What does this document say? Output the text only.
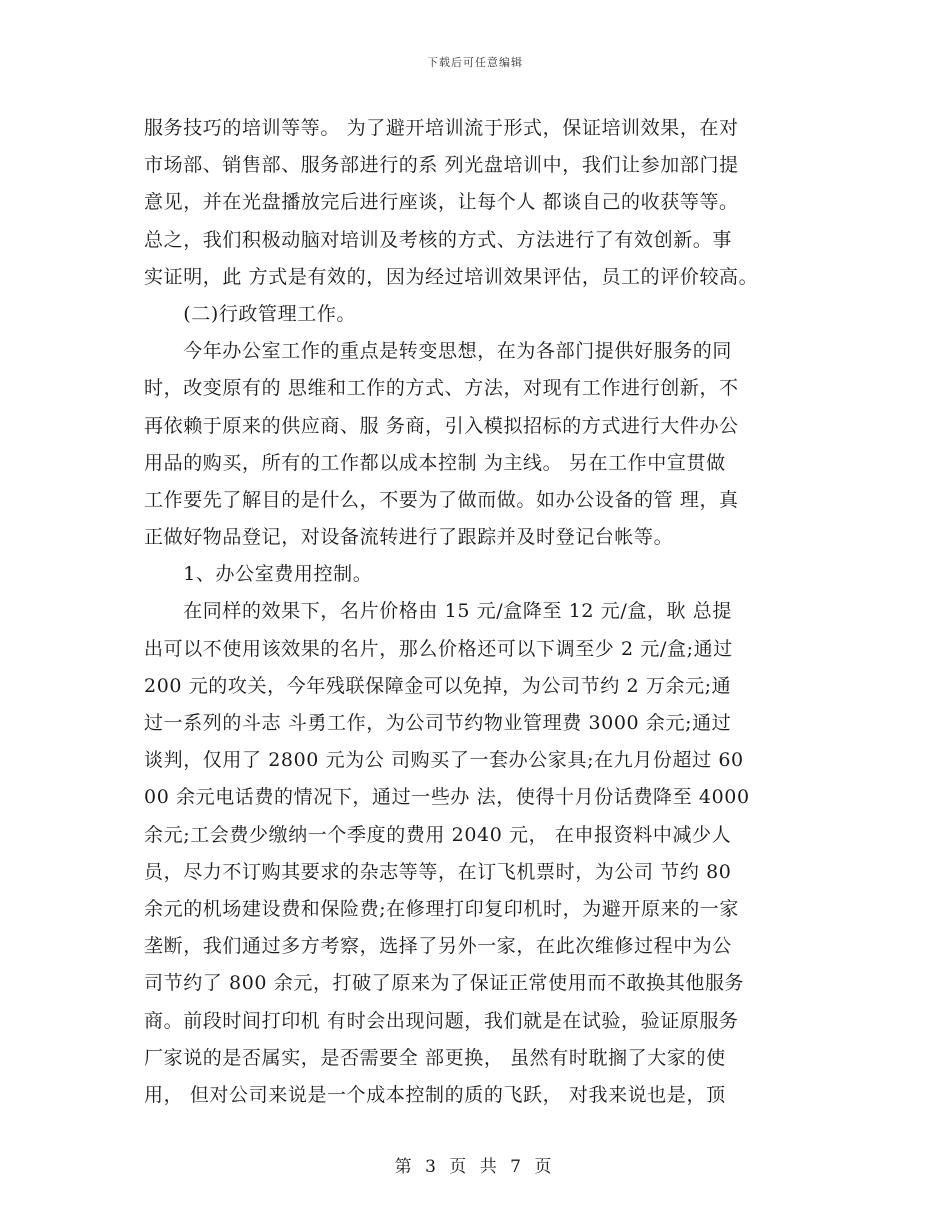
下载后可任意编辑
服务技巧的培训等等。 为了避开培训流于形式，保证培训效果，在对
市场部、销售部、服务部进行的系 列光盘培训中，我们让参加部门提
意见，并在光盘播放完后进行座谈，让每个人 都谈自己的收获等等。
总之，我们积极动脑对培训及考核的方式、方法进行了有效创新。事
实证明，此 方式是有效的，因为经过培训效果评估，员工的评价较高。
　　(二)行政管理工作。
　　今年办公室工作的重点是转变思想，在为各部门提供好服务的同
时，改变原有的 思维和工作的方式、方法，对现有工作进行创新，不
再依赖于原来的供应商、服 务商，引入模拟招标的方式进行大件办公
用品的购买，所有的工作都以成本控制 为主线。 另在工作中宣贯做
工作要先了解目的是什么，不要为了做而做。如办公设备的管 理，真
正做好物品登记，对设备流转进行了跟踪并及时登记台帐等。
　　1、办公室费用控制。
　　在同样的效果下，名片价格由 15 元/盒降至 12 元/盒，耿 总提
出可以不使用该效果的名片，那么价格还可以下调至少 2 元/盒;通过
200 元的攻关，今年残联保障金可以免掉，为公司节约 2 万余元;通
过一系列的斗志 斗勇工作，为公司节约物业管理费 3000 余元;通过
谈判，仅用了 2800 元为公 司购买了一套办公家具;在九月份超过 60
00 余元电话费的情况下，通过一些办 法，使得十月份话费降至 4000
余元;工会费少缴纳一个季度的费用 2040 元， 在申报资料中减少人
员，尽力不订购其要求的杂志等等，在订飞机票时，为公司 节约 80
余元的机场建设费和保险费;在修理打印复印机时，为避开原来的一家
垄断，我们通过多方考察，选择了另外一家，在此次维修过程中为公
司节约了 800 余元，打破了原来为了保证正常使用而不敢换其他服务
商。前段时间打印机 有时会出现问题，我们就是在试验，验证原服务
厂家说的是否属实，是否需要全 部更换， 虽然有时耽搁了大家的使
用， 但对公司来说是一个成本控制的质的飞跃， 对我来说也是，顶
第 3 页 共 7 页
